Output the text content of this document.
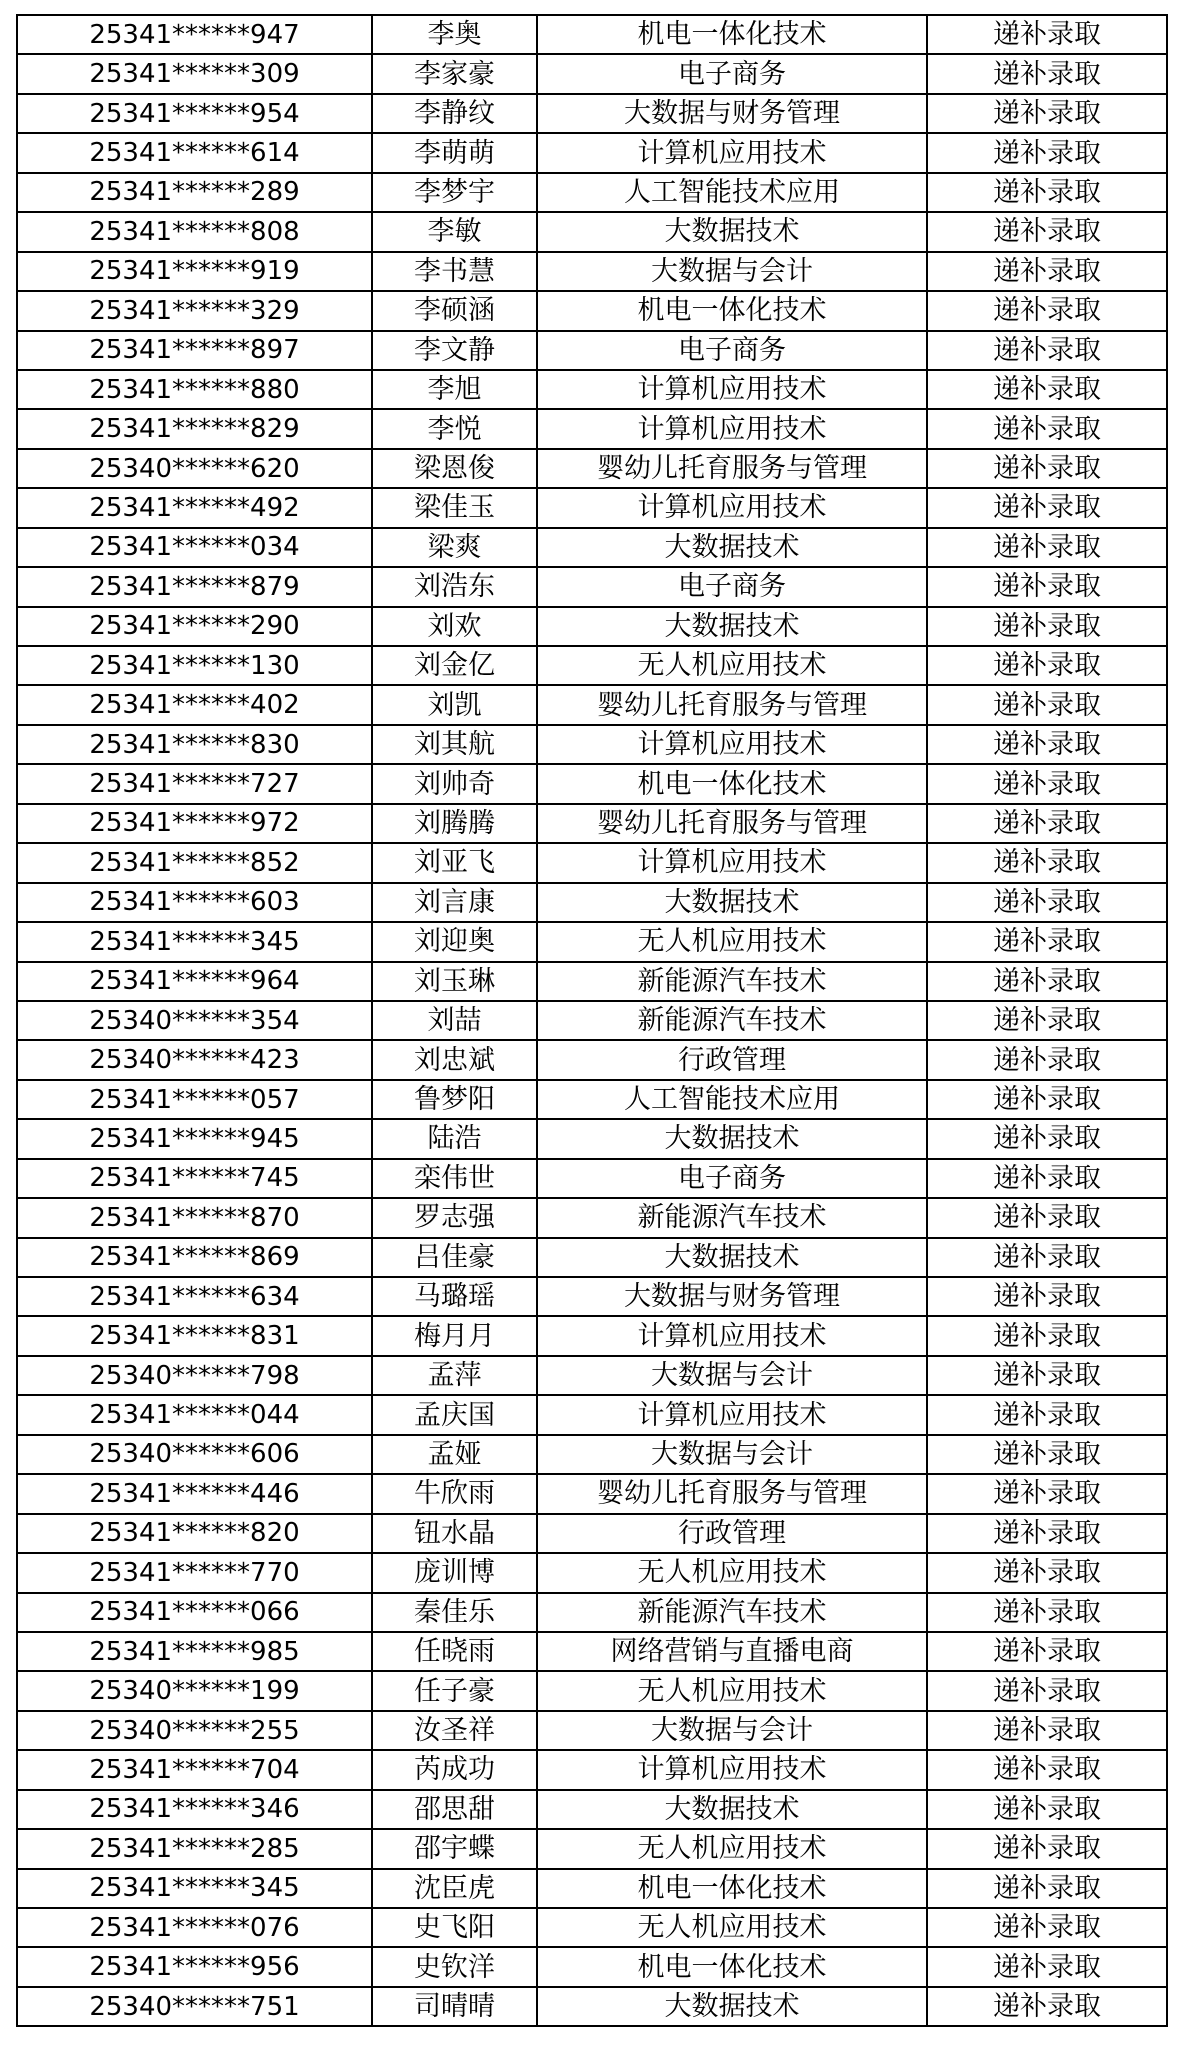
25341******947	李奥	机电一体化技术	递补录取
25341******309	李家豪	电子商务	递补录取
25341******954	李静纹	大数据与财务管理	递补录取
25341******614	李萌萌	计算机应用技术	递补录取
25341******289	李梦宇	人工智能技术应用	递补录取
25341******808	李敏	大数据技术	递补录取
25341******919	李书慧	大数据与会计	递补录取
25341******329	李硕涵	机电一体化技术	递补录取
25341******897	李文静	电子商务	递补录取
25341******880	李旭	计算机应用技术	递补录取
25341******829	李悦	计算机应用技术	递补录取
25340******620	梁恩俊	婴幼儿托育服务与管理	递补录取
25341******492	梁佳玉	计算机应用技术	递补录取
25341******034	梁爽	大数据技术	递补录取
25341******879	刘浩东	电子商务	递补录取
25341******290	刘欢	大数据技术	递补录取
25341******130	刘金亿	无人机应用技术	递补录取
25341******402	刘凯	婴幼儿托育服务与管理	递补录取
25341******830	刘其航	计算机应用技术	递补录取
25341******727	刘帅奇	机电一体化技术	递补录取
25341******972	刘腾腾	婴幼儿托育服务与管理	递补录取
25341******852	刘亚飞	计算机应用技术	递补录取
25341******603	刘言康	大数据技术	递补录取
25341******345	刘迎奥	无人机应用技术	递补录取
25341******964	刘玉琳	新能源汽车技术	递补录取
25340******354	刘喆	新能源汽车技术	递补录取
25340******423	刘忠斌	行政管理	递补录取
25341******057	鲁梦阳	人工智能技术应用	递补录取
25341******945	陆浩	大数据技术	递补录取
25341******745	栾伟世	电子商务	递补录取
25341******870	罗志强	新能源汽车技术	递补录取
25341******869	吕佳豪	大数据技术	递补录取
25341******634	马璐瑶	大数据与财务管理	递补录取
25341******831	梅月月	计算机应用技术	递补录取
25340******798	孟萍	大数据与会计	递补录取
25341******044	孟庆国	计算机应用技术	递补录取
25340******606	孟娅	大数据与会计	递补录取
25341******446	牛欣雨	婴幼儿托育服务与管理	递补录取
25341******820	钮水晶	行政管理	递补录取
25341******770	庞训博	无人机应用技术	递补录取
25341******066	秦佳乐	新能源汽车技术	递补录取
25341******985	任晓雨	网络营销与直播电商	递补录取
25340******199	任子豪	无人机应用技术	递补录取
25340******255	汝圣祥	大数据与会计	递补录取
25341******704	芮成功	计算机应用技术	递补录取
25341******346	邵思甜	大数据技术	递补录取
25341******285	邵宇蝶	无人机应用技术	递补录取
25341******345	沈臣虎	机电一体化技术	递补录取
25341******076	史飞阳	无人机应用技术	递补录取
25341******956	史钦洋	机电一体化技术	递补录取
25340******751	司晴晴	大数据技术	递补录取
